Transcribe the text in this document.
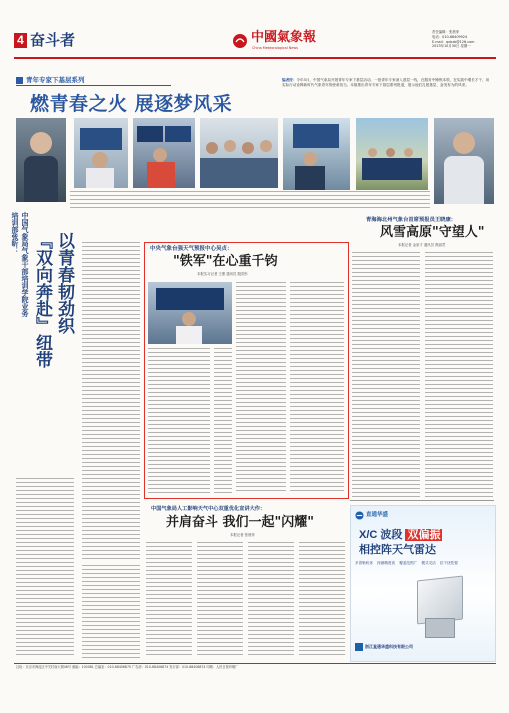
4 奋斗者	中國氣象報
China Meteorological News
责任编辑：张晨菲
电话：010-68409924
E-mail：qxbzb@126.com
2023年10月30日 星期一
青年专家下基层系列
燃青春之火 展逐梦风采
编者按：今年3月，中国气象局开展青年专家下基层活动，一批青年专家深入基层一线，在服务中锤炼本领，在实践中增长才干，用实际行动诠释新时代气象青年的使命担当。本版推出青年专家下基层系列报道，展示他们扎根基层、奋发有为的风采。
中国气象局气象干部培训学院业务培训部张昕：	以青春韧劲织
『双向奔赴』纽带	中央气象台强天气预报中心吴贞：
"铁军"在心重千钧
本报实习记者 王蕾 通讯员 殷若彤
青海海北州气象台首席预报员王晓康：
风雪高原"守望人"
本报记者 金泉才 通讯员 焦丽君
中国气象局人工影响天气中心双重优化宣讲大作：
并肩奋斗 我们一起"闪耀"
本报记者 张晨菲
直通华盛
X/C 波段 双偏振
相控阵天气雷达
多普勒机体 探测精度高 覆盖范围广 模式灵活 抗干扰性强
浙江直通华盛科技有限公司
社址：北京市海淀区中关村南大街46号 邮编：100081 总编室：010-68406875 广告部：010-68406874 发行部：010-68406874 印刷：人民日报印刷厂
